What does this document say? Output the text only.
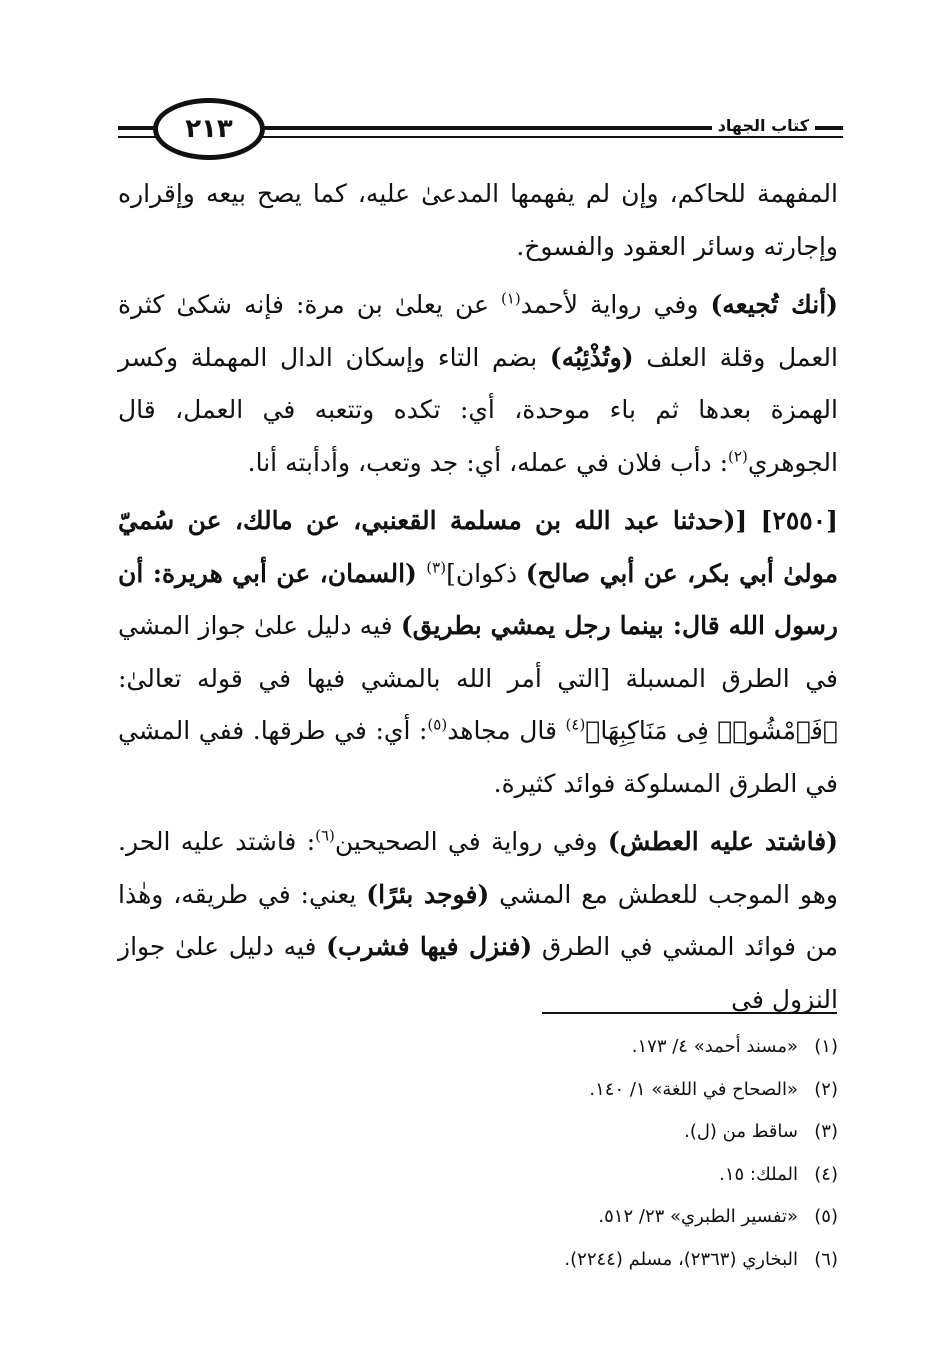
٢١٣	كتاب الجهاد
المفهمة للحاكم، وإن لم يفهمها المدعىٰ عليه، كما يصح بيعه وإقراره وإجارته وسائر العقود والفسوخ.
(أنك تُجيعه) وفي رواية لأحمد$^{(١)}$ عن يعلىٰ بن مرة: فإنه شكىٰ كثرة العمل وقلة العلف (وتُذْئِبُه) بضم التاء وإسكان الدال المهملة وكسر الهمزة بعدها ثم باء موحدة، أي: تكده وتتعبه في العمل، قال الجوهري$^{(٢)}$: دأب فلان في عمله، أي: جد وتعب، وأدأبته أنا.
[٢٥٥٠] [(حدثنا عبد الله بن مسلمة القعنبي، عن مالك، عن سُميّ مولىٰ أبي بكر، عن أبي صالح) ذكوان]$^{(٣)}$ (السمان، عن أبي هريرة: أن رسول الله قال: بينما رجل يمشي بطريق) فيه دليل علىٰ جواز المشي في الطرق المسبلة [التي أمر الله بالمشي فيها في قوله تعالىٰ: ﴿فَٱمْشُوا۟ فِى مَنَاكِبِهَا﴾$^{(٤)}$ قال مجاهد$^{(٥)}$: أي: في طرقها. ففي المشي في الطرق المسلوكة فوائد كثيرة.
(فاشتد عليه العطش) وفي رواية في الصحيحين$^{(٦)}$: فاشتد عليه الحر. وهو الموجب للعطش مع المشي (فوجد بئرًا) يعني: في طريقه، وهٰذا من فوائد المشي في الطرق (فنزل فيها فشرب) فيه دليل علىٰ جواز النزول في
(١)«مسند أحمد» ٤/ ١٧٣.
(٢)«الصحاح في اللغة» ١/ ١٤٠.
(٣)ساقط من (ل).
(٤)الملك: ١٥.
(٥)«تفسير الطبري» ٢٣/ ٥١٢.
(٦)البخاري (٢٣٦٣)، مسلم (٢٢٤٤).
